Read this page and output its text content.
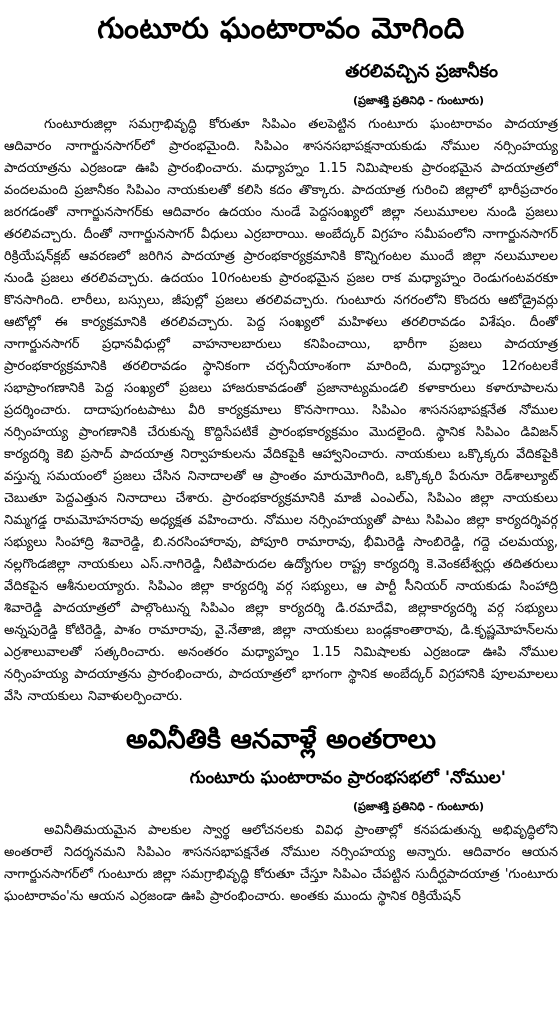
గుంటూరు ఘంటారావం మోగింది
తరలివచ్చిన ప్రజానీకం
(ప్రజాశక్తి ప్రతినిధి - గుంటూరు)

గుంటూరుజిల్లా సమగ్రాభివృద్ధి కోరుతూ సిపిఎం తలపెట్టిన గుంటూరు ఘంటారావం పాదయాత్ర ఆదివారం నాగార్జునసాగర్‌లో ప్రారంభమైంది. సిపిఎం శాసనసభాపక్షనాయకుడు నోముల నర్సింహయ్య పాదయాత్రను ఎర్రజండా ఊపి ప్రారంభించారు. మధ్యాహ్నం 1.15 నిమిషాలకు ప్రారంభమైన పాదయాత్రలో వందలమంది ప్రజానీకం సిపిఎం నాయకులతో కలిసి కదం తొక్కారు. పాదయాత్ర గురించి జిల్లాలో భారీప్రచారం జరగడంతో నాగార్జునసాగర్‌కు ఆదివారం ఉదయం నుండే పెద్దసంఖ్యలో జిల్లా నలుమూలల నుండి ప్రజలు తరలివచ్చారు. దీంతో నాగార్జునసాగర్ వీధులు ఎర్రబారాయి. అంబేద్కర్ విగ్రహం సమీపంలోని నాగార్జునసాగర్ రిక్రియేషన్‌క్లబ్ ఆవరణలో జరిగిన పాదయాత్ర ప్రారంభకార్యక్రమానికి కొన్నిగంటల ముందే జిల్లా నలుమూలల నుండి ప్రజలు తరలివచ్చారు. ఉదయం 10గంటలకు ప్రారంభమైన ప్రజల రాక మధ్యాహ్నం రెండుగంటవరకూ కొనసాగింది. లారీలు, బస్సులు, జీపుల్లో ప్రజలు తరలివచ్చారు. గుంటూరు నగరంలోని కొందరు ఆటోడ్రైవర్లు ఆటోల్లో ఈ కార్యక్రమానికి తరలివచ్చారు. పెద్ద సంఖ్యలో మహిళలు తరలిరావడం విశేషం. దీంతో నాగార్జునసాగర్ ప్రధానవీధుల్లో వాహనాలబారులు కనిపించాయి, భారీగా ప్రజలు పాదయాత్ర ప్రారంభకార్యక్రమానికి తరలిరావడం స్థానికంగా చర్చనీయాంశంగా మారింది, మధ్యాహ్నం 12గంటలకే సభాప్రాంగణానికి పెద్ద సంఖ్యలో ప్రజలు హాజరుకావడంతో ప్రజానాట్యమండలి కళాకారులు కళారూపాలను ప్రదర్శించారు. దాదాపుగంటపాటు వీరి కార్యక్రమాలు కొనసాగాయి. సిపిఎం శాసనసభాపక్షనేత నోముల నర్సింహయ్య ప్రాంగణానికి చేరుకున్న కొద్దిసేపటికే ప్రారంభకార్యక్రమం మొదలైంది. స్థానిక సిపిఎం డివిజన్ కార్యదర్శి కెబి ప్రసాద్ పాదయాత్ర నిర్వాహకులను వేదికపైకి ఆహ్వానించారు. నాయకులు ఒక్కొక్కరు వేదికపైకి వస్తున్న సమయంలో ప్రజలు చేసిన నినాదాలతో ఆ ప్రాంతం మారుమోగింది, ఒక్కొక్కరి పేరునూ రెడ్‌శాల్యూట్ చెబుతూ పెద్దఎత్తున నినాదాలు చేశారు. ప్రారంభకార్యక్రమానికి మాజీ ఎంఎల్‌ఎ, సిపిఎం జిల్లా నాయకులు నిమ్మగడ్డ రామమోహనరావు అధ్యక్షత వహించారు. నోముల నర్సింహయ్యతో పాటు సిపిఎం జిల్లా కార్యదర్శివర్గ సభ్యులు సింహాద్రి శివారెడ్డి, బి.నరసింహారావు, పోపూరి రామారావు, భీమిరెడ్డి సాంబిరెడ్డి, గద్దె చలమయ్య, నల్లగొండజిల్లా నాయకులు ఎస్.నాగిరెడ్డి, నీటిపారుదల ఉద్యోగుల రాష్ట్ర కార్యదర్శి కె.వెంకటేశ్వర్లు తదితరులు వేదికపైన ఆశీనులయ్యారు. సిపిఎం జిల్లా కార్యదర్శి వర్గ సభ్యులు, ఆ పార్టీ సీనియర్ నాయకుడు సింహాద్రి శివారెడ్డి పాదయాత్రలో పాల్గొంటున్న సిపిఎం జిల్లా కార్యదర్శి డి.రమాదేవి, జిల్లాకార్యదర్శి వర్గ సభ్యులు అన్నపురెడ్డి కోటిరెడ్డి, పాశం రామారావు, వై.నేతాజి, జిల్లా నాయకులు బండ్లకాంతారావు, డి.కృష్ణమోహన్‌లను ఎర్రశాలువాలతో సత్కరించారు. అనంతరం మధ్యాహ్నం 1.15 నిమిషాలకు ఎర్రజండా ఊపి నోముల నర్సింహయ్య పాదయాత్రను ప్రారంభించారు, పాదయాత్రలో భాగంగా స్థానిక అంబేద్కర్ విగ్రహానికి పూలమాలలు వేసి నాయకులు నివాళులర్పించారు.

అవినీతికి ఆనవాళ్లే అంతరాలు
గుంటూరు ఘంటారావం ప్రారంభసభలో 'నోముల'
(ప్రజాశక్తి ప్రతినిధి - గుంటూరు)

అవినీతిమయమైన పాలకుల స్వార్థ ఆలోచనలకు వివిధ ప్రాంతాల్లో కనపడుతున్న అభివృద్ధిలోని అంతరాలే నిదర్శనమని సిపిఎం శాసనసభాపక్షనేత నోముల నర్సింహయ్య అన్నారు. ఆదివారం ఆయన నాగార్జునసాగర్‌లో గుంటూరు జిల్లా సమగ్రాభివృద్ధి కోరుతూ చేస్తూ సిపిఎం చేపట్టిన సుదీర్ఘపాదయాత్ర 'గుంటూరు ఘంటారావం'ను ఆయన ఎర్రజండా ఊపి ప్రారంభించారు. అంతకు ముందు స్థానిక రిక్రియేషన్
